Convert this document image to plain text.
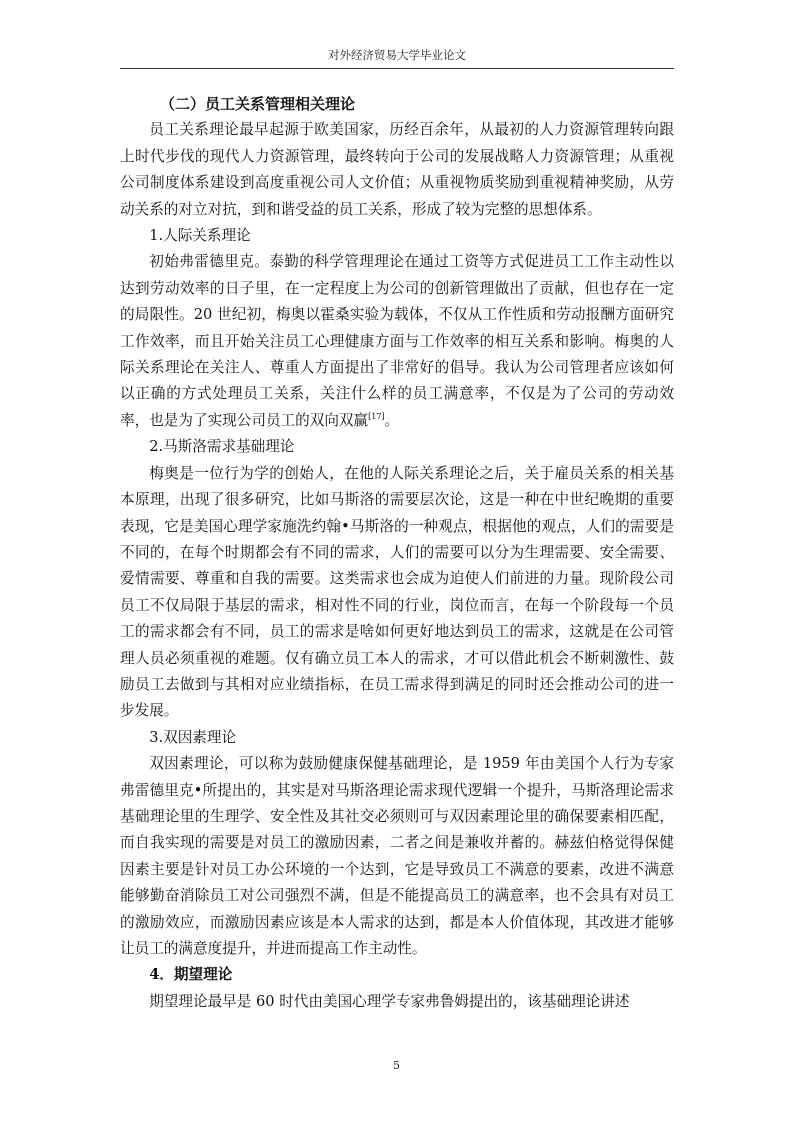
对外经济贸易大学毕业论文
（二）员工关系管理相关理论

员工关系理论最早起源于欧美国家，历经百余年，从最初的人力资源管理转向跟上时代步伐的现代人力资源管理，最终转向于公司的发展战略人力资源管理；从重视公司制度体系建设到高度重视公司人文价值；从重视物质奖励到重视精神奖励，从劳动关系的对立对抗，到和谐受益的员工关系，形成了较为完整的思想体系。

1.人际关系理论

初始弗雷德里克。泰勤的科学管理理论在通过工资等方式促进员工工作主动性以达到劳动效率的日子里，在一定程度上为公司的创新管理做出了贡献，但也存在一定的局限性。20 世纪初，梅奥以霍桑实验为载体，不仅从工作性质和劳动报酬方面研究工作效率，而且开始关注员工心理健康方面与工作效率的相互关系和影响。梅奥的人际关系理论在关注人、尊重人方面提出了非常好的倡导。我认为公司管理者应该如何以正确的方式处理员工关系，关注什么样的员工满意率，不仅是为了公司的劳动效率，也是为了实现公司员工的双向双赢[17]。

2.马斯洛需求基础理论

梅奥是一位行为学的创始人，在他的人际关系理论之后，关于雇员关系的相关基本原理，出现了很多研究，比如马斯洛的需要层次论，这是一种在中世纪晚期的重要表现，它是美国心理学家施洗约翰•马斯洛的一种观点，根据他的观点，人们的需要是不同的，在每个时期都会有不同的需求，人们的需要可以分为生理需要、安全需要、爱情需要、尊重和自我的需要。这类需求也会成为迫使人们前进的力量。现阶段公司员工不仅局限于基层的需求，相对性不同的行业，岗位而言，在每一个阶段每一个员工的需求都会有不同，员工的需求是啥如何更好地达到员工的需求，这就是在公司管理人员必须重视的难题。仅有确立员工本人的需求，才可以借此机会不断刺激性、鼓励员工去做到与其相对应业绩指标，在员工需求得到满足的同时还会推动公司的进一步发展。

3.双因素理论

双因素理论，可以称为鼓励健康保健基础理论，是 1959 年由美国个人行为专家弗雷德里克•所提出的，其实是对马斯洛理论需求现代逻辑一个提升，马斯洛理论需求基础理论里的生理学、安全性及其社交必须则可与双因素理论里的确保要素相匹配，而自我实现的需要是对员工的激励因素，二者之间是兼收并蓄的。赫兹伯格觉得保健因素主要是针对员工办公环境的一个达到，它是导致员工不满意的要素，改进不满意能够勤奋消除员工对公司强烈不满，但是不能提高员工的满意率，也不会具有对员工的激励效应，而激励因素应该是本人需求的达到，都是本人价值体现，其改进才能够让员工的满意度提升，并进而提高工作主动性。

4．期望理论

期望理论最早是 60 时代由美国心理学专家弗鲁姆提出的，该基础理论讲述

5
